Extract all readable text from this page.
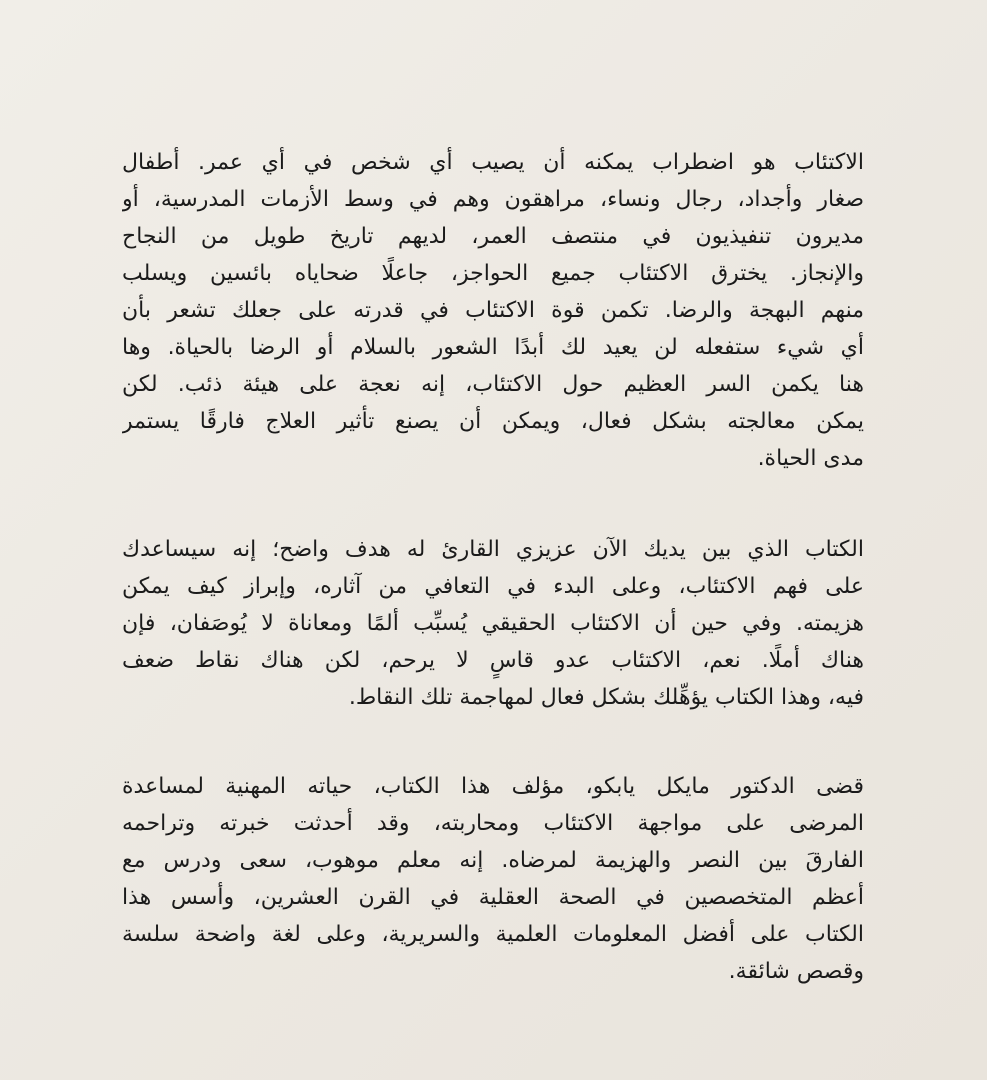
الاكتئاب هو اضطراب يمكنه أن يصيب أي شخص في أي عمر. أطفال
صغار وأجداد، رجال ونساء، مراهقون وهم في وسط الأزمات المدرسية، أو
مديرون تنفيذيون في منتصف العمر، لديهم تاريخ طويل من النجاح
والإنجاز. يخترق الاكتئاب جميع الحواجز، جاعلًا ضحاياه بائسين ويسلب
منهم البهجة والرضا. تكمن قوة الاكتئاب في قدرته على جعلك تشعر بأن
أي شيء ستفعله لن يعيد لك أبدًا الشعور بالسلام أو الرضا بالحياة. وها
هنا يكمن السر العظيم حول الاكتئاب، إنه نعجة على هيئة ذئب. لكن
يمكن معالجته بشكل فعال، ويمكن أن يصنع تأثير العلاج فارقًا يستمر
مدى الحياة.
الكتاب الذي بين يديك الآن عزيزي القارئ له هدف واضح؛ إنه سيساعدك
على فهم الاكتئاب، وعلى البدء في التعافي من آثاره، وإبراز كيف يمكن
هزيمته. وفي حين أن الاكتئاب الحقيقي يُسبِّب ألمًا ومعاناة لا يُوصَفان، فإن
هناك أملًا. نعم، الاكتئاب عدو قاسٍ لا يرحم، لكن هناك نقاط ضعف
فيه، وهذا الكتاب يؤهِّلك بشكل فعال لمهاجمة تلك النقاط.
قضى الدكتور مايكل يابكو، مؤلف هذا الكتاب، حياته المهنية لمساعدة
المرضى على مواجهة الاكتئاب ومحاربته، وقد أحدثت خبرته وتراحمه
الفارقَ بين النصر والهزيمة لمرضاه. إنه معلم موهوب، سعى ودرس مع
أعظم المتخصصين في الصحة العقلية في القرن العشرين، وأسس هذا
الكتاب على أفضل المعلومات العلمية والسريرية، وعلى لغة واضحة سلسة
وقصص شائقة.
